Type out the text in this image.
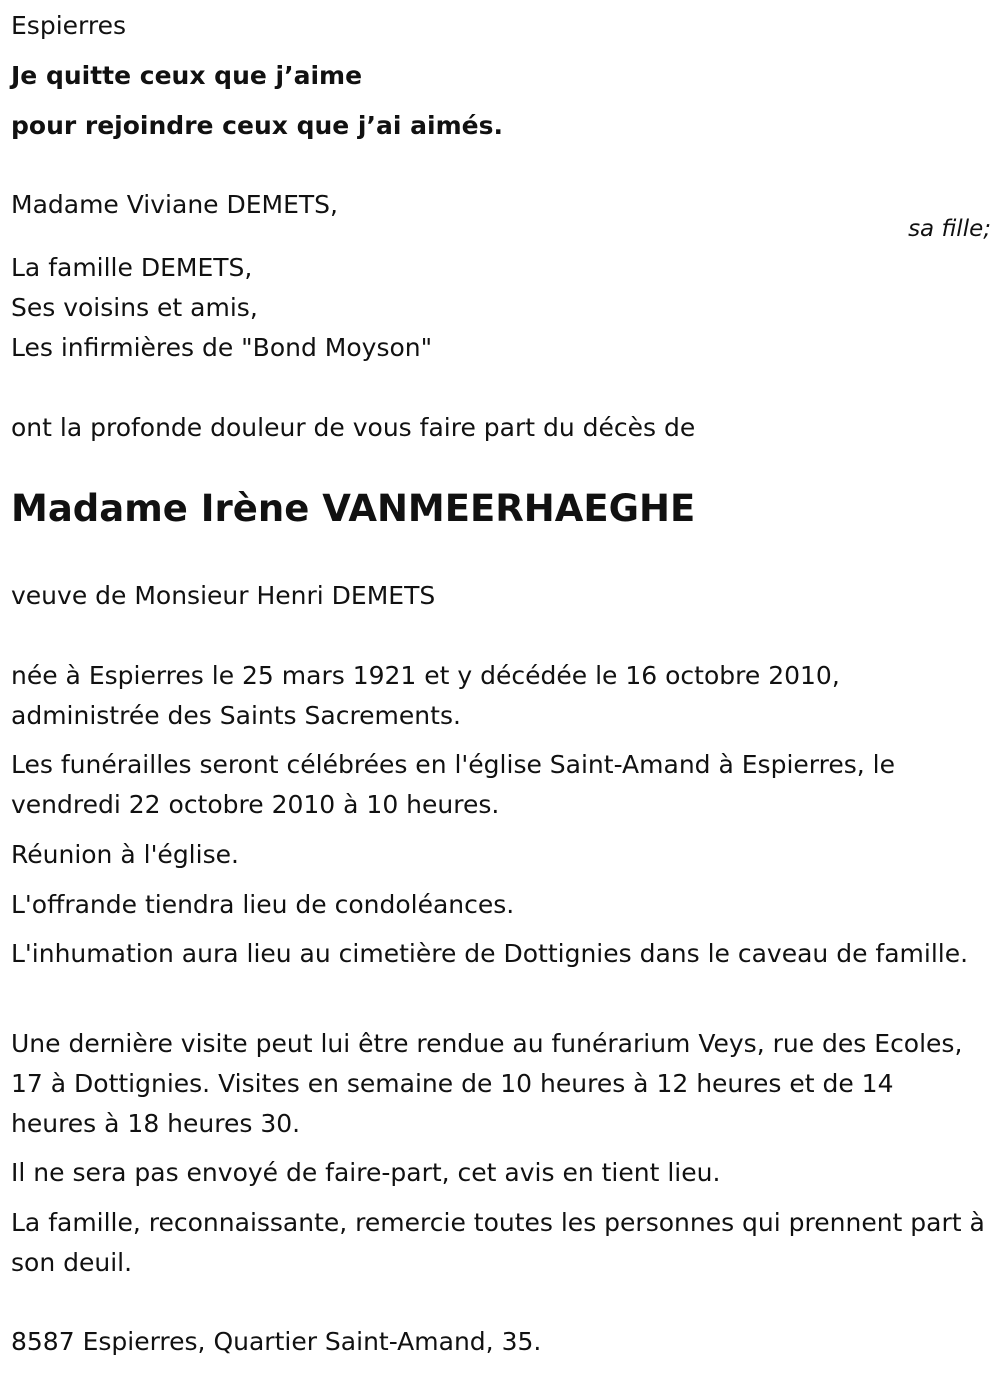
Espierres

Je quitte ceux que j’aime

pour rejoindre ceux que j’ai aimés.

Madame Viviane DEMETS,

sa fille;

La famille DEMETS,

Ses voisins et amis,

Les infirmières de "Bond Moyson"

ont la profonde douleur de vous faire part du décès de

Madame Irène VANMEERHAEGHE

veuve de Monsieur Henri DEMETS

née à Espierres le 25 mars 1921 et y décédée le 16 octobre 2010, administrée des Saints Sacrements.

Les funérailles seront célébrées en l'église Saint-Amand à Espierres, le vendredi 22 octobre 2010 à 10 heures.

Réunion à l'église.

L'offrande tiendra lieu de condoléances.

L'inhumation aura lieu au cimetière de Dottignies dans le caveau de famille.

Une dernière visite peut lui être rendue au funérarium Veys, rue des Ecoles, 17 à Dottignies. Visites en semaine de 10 heures à 12 heures et de 14 heures à 18 heures 30.

Il ne sera pas envoyé de faire-part, cet avis en tient lieu.

La famille, reconnaissante, remercie toutes les personnes qui prennent part à son deuil.

8587 Espierres, Quartier Saint-Amand, 35.
